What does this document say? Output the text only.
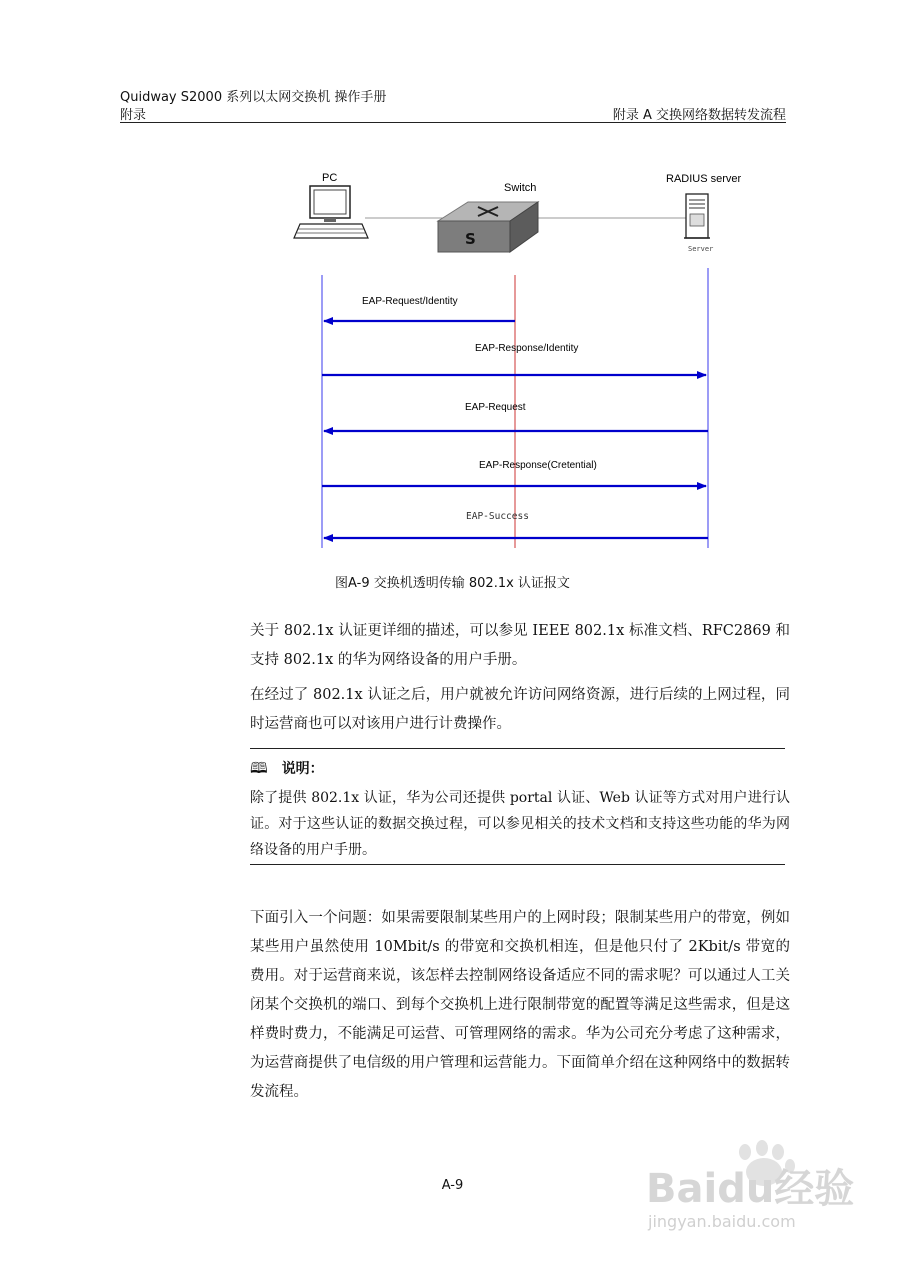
Quidway S2000 系列以太网交换机 操作手册
附录	附录 A 交换网络数据转发流程
PC
S
Switch
RADIUS server
Server
EAP-Request/Identity
EAP-Response/Identity
EAP-Request
EAP-Response(Cretential)
EAP-Success
图A-9 交换机透明传输 802.1x 认证报文

关于 802.1x 认证更详细的描述，可以参见 IEEE 802.1x 标准文档、RFC2869 和支持 802.1x 的华为网络设备的用户手册。

在经过了 802.1x 认证之后，用户就被允许访问网络资源，进行后续的上网过程，同时运营商也可以对该用户进行计费操作。

🕮 说明：

除了提供 802.1x 认证，华为公司还提供 portal 认证、Web 认证等方式对用户进行认证。对于这些认证的数据交换过程，可以参见相关的技术文档和支持这些功能的华为网络设备的用户手册。

下面引入一个问题：如果需要限制某些用户的上网时段；限制某些用户的带宽，例如某些用户虽然使用 10Mbit/s 的带宽和交换机相连，但是他只付了 2Kbit/s 带宽的费用。对于运营商来说，该怎样去控制网络设备适应不同的需求呢？可以通过人工关闭某个交换机的端口、到每个交换机上进行限制带宽的配置等满足这些需求，但是这样费时费力，不能满足可运营、可管理网络的需求。华为公司充分考虑了这种需求，为运营商提供了电信级的用户管理和运营能力。下面简单介绍在这种网络中的数据转发流程。

A-9	Baidu经验
jingyan.baidu.com
